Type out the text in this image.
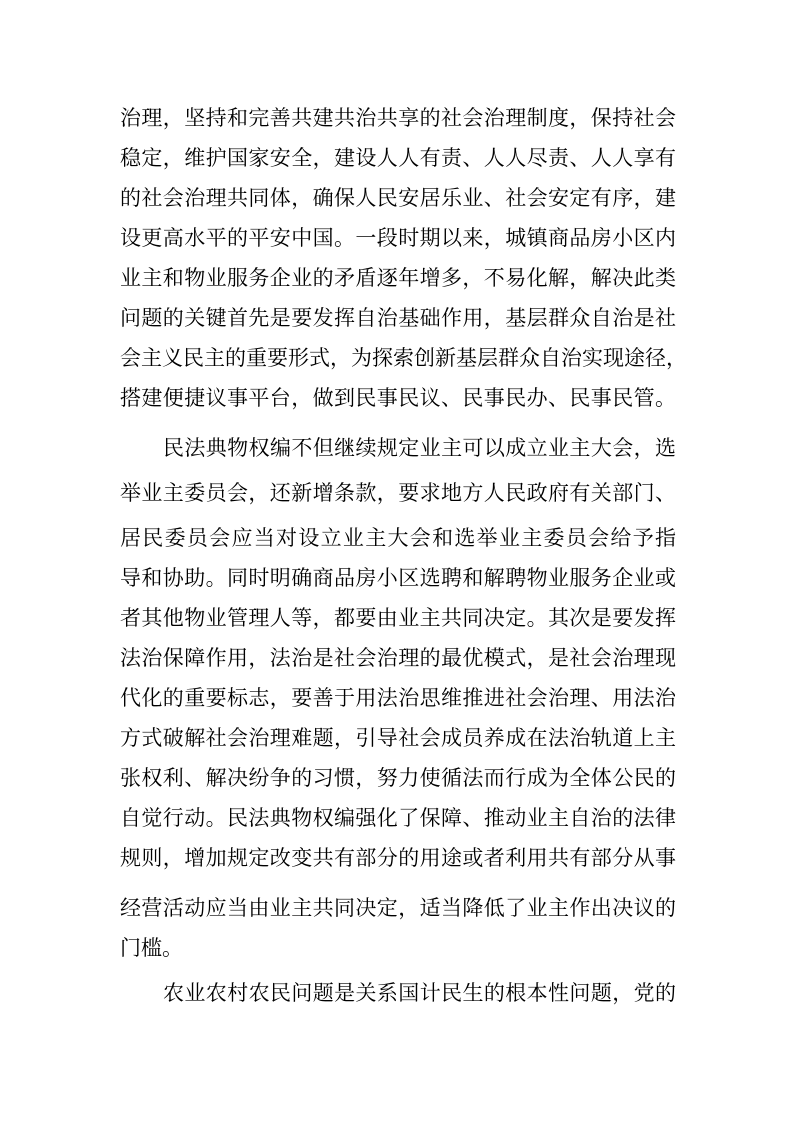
治理，坚持和完善共建共治共享的社会治理制度，保持社会
稳定，维护国家安全，建设人人有责、人人尽责、人人享有
的社会治理共同体，确保人民安居乐业、社会安定有序，建
设更高水平的平安中国。一段时期以来，城镇商品房小区内
业主和物业服务企业的矛盾逐年增多，不易化解，解决此类
问题的关键首先是要发挥自治基础作用，基层群众自治是社
会主义民主的重要形式，为探索创新基层群众自治实现途径，
搭建便捷议事平台，做到民事民议、民事民办、民事民管。
民法典物权编不但继续规定业主可以成立业主大会，选
举业主委员会，还新增条款，要求地方人民政府有关部门、
居民委员会应当对设立业主大会和选举业主委员会给予指
导和协助。同时明确商品房小区选聘和解聘物业服务企业或
者其他物业管理人等，都要由业主共同决定。其次是要发挥
法治保障作用，法治是社会治理的最优模式，是社会治理现
代化的重要标志，要善于用法治思维推进社会治理、用法治
方式破解社会治理难题，引导社会成员养成在法治轨道上主
张权利、解决纷争的习惯，努力使循法而行成为全体公民的
自觉行动。民法典物权编强化了保障、推动业主自治的法律
规则，增加规定改变共有部分的用途或者利用共有部分从事
经营活动应当由业主共同决定，适当降低了业主作出决议的
门槛。
农业农村农民问题是关系国计民生的根本性问题，党的
